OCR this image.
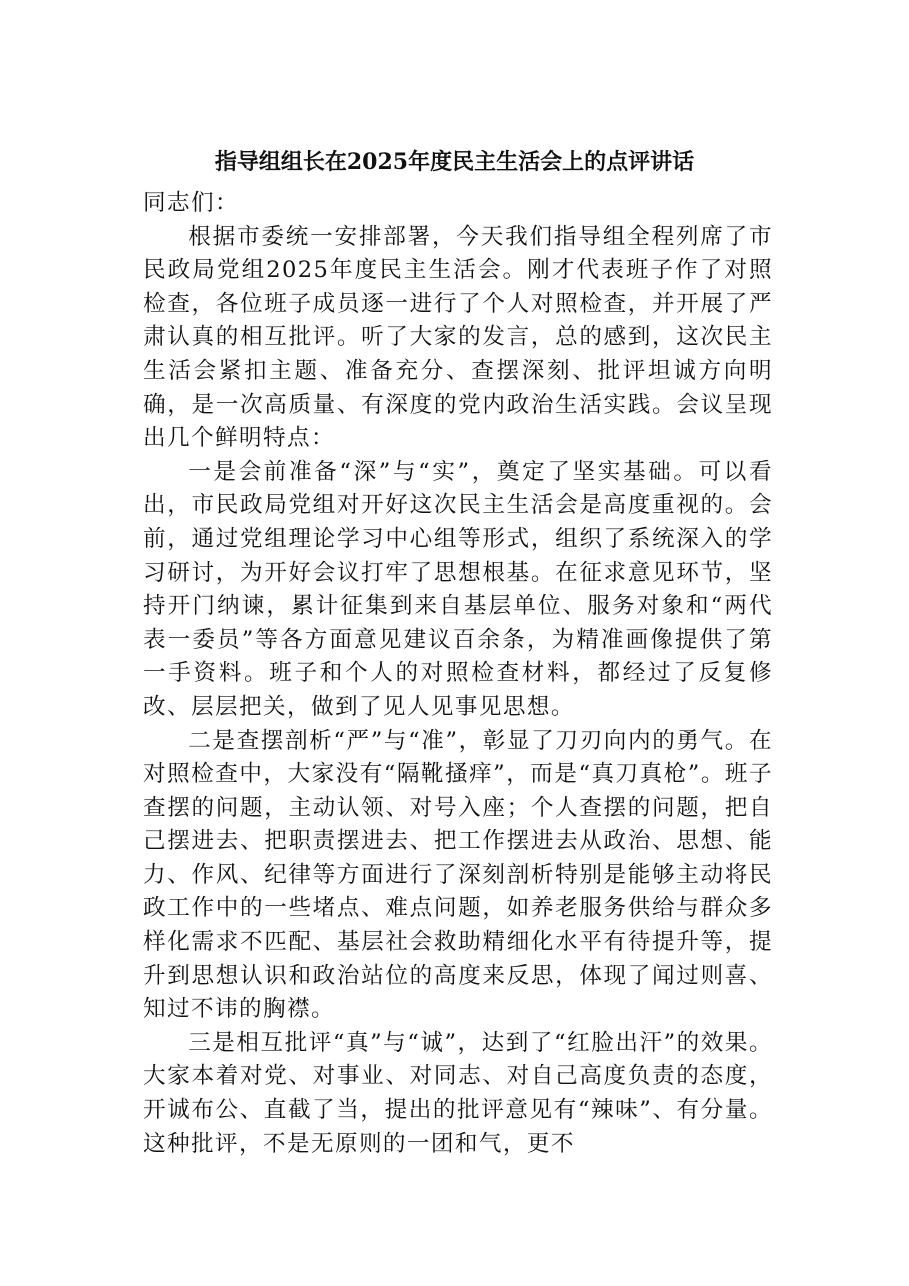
指导组组长在2025年度民主生活会上的点评讲话

同志们：

根据市委统一安排部署，今天我们指导组全程列席了市民政局党组2025年度民主生活会。刚才代表班子作了对照检查，各位班子成员逐一进行了个人对照检查，并开展了严肃认真的相互批评。听了大家的发言，总的感到，这次民主生活会紧扣主题、准备充分、查摆深刻、批评坦诚方向明确，是一次高质量、有深度的党内政治生活实践。会议呈现出几个鲜明特点：

一是会前准备“深”与“实”，奠定了坚实基础。可以看出，市民政局党组对开好这次民主生活会是高度重视的。会前，通过党组理论学习中心组等形式，组织了系统深入的学习研讨，为开好会议打牢了思想根基。在征求意见环节，坚持开门纳谏，累计征集到来自基层单位、服务对象和“两代表一委员”等各方面意见建议百余条，为精准画像提供了第一手资料。班子和个人的对照检查材料，都经过了反复修改、层层把关，做到了见人见事见思想。

二是查摆剖析“严”与“准”，彰显了刀刃向内的勇气。在对照检查中，大家没有“隔靴搔痒”，而是“真刀真枪”。班子查摆的问题，主动认领、对号入座；个人查摆的问题，把自己摆进去、把职责摆进去、把工作摆进去从政治、思想、能力、作风、纪律等方面进行了深刻剖析特别是能够主动将民政工作中的一些堵点、难点问题，如养老服务供给与群众多样化需求不匹配、基层社会救助精细化水平有待提升等，提升到思想认识和政治站位的高度来反思，体现了闻过则喜、知过不讳的胸襟。

三是相互批评“真”与“诚”，达到了“红脸出汗”的效果。大家本着对党、对事业、对同志、对自己高度负责的态度，开诚布公、直截了当，提出的批评意见有“辣味”、有分量。这种批评，不是无原则的一团和气，更不
